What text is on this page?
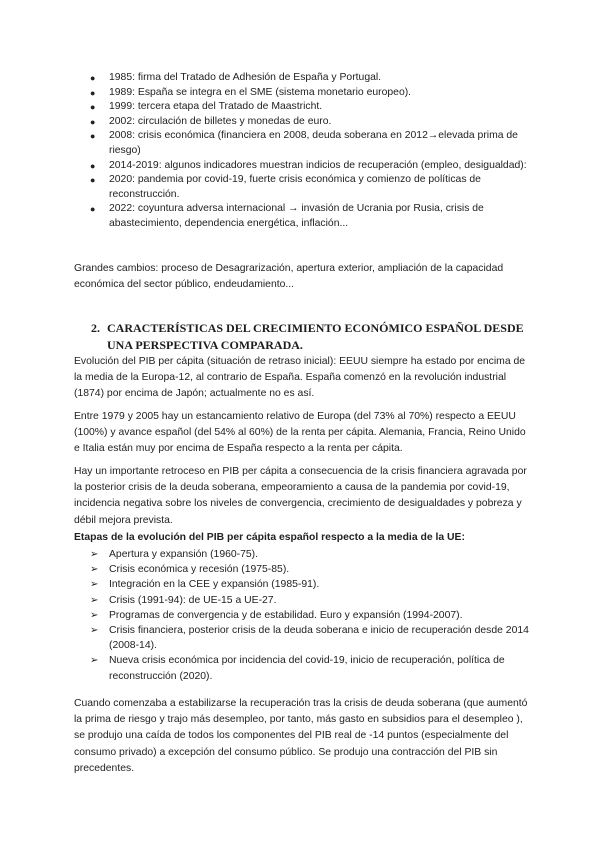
● 1985: firma del Tratado de Adhesión de España y Portugal.
● 1989: España se integra en el SME (sistema monetario europeo).
● 1999: tercera etapa del Tratado de Maastricht.
● 2002: circulación de billetes y monedas de euro.
● 2008: crisis económica (financiera en 2008, deuda soberana en 2012→elevada prima de riesgo)
● 2014-2019: algunos indicadores muestran indicios de recuperación (empleo, desigualdad):
● 2020: pandemia por covid-19, fuerte crisis económica y comienzo de políticas de reconstrucción.
● 2022: coyuntura adversa internacional → invasión de Ucrania por Rusia, crisis de abastecimiento, dependencia energética, inflación...

Grandes cambios: proceso de Desagrarización, apertura exterior, ampliación de la capacidad económica del sector público, endeudamiento...

2. CARACTERÍSTICAS DEL CRECIMIENTO ECONÓMICO ESPAÑOL DESDE
UNA PERSPECTIVA COMPARADA.

Evolución del PIB per cápita (situación de retraso inicial): EEUU siempre ha estado por encima de la media de la Europa-12, al contrario de España. España comenzó en la revolución industrial (1874) por encima de Japón; actualmente no es así.

Entre 1979 y 2005 hay un estancamiento relativo de Europa (del 73% al 70%) respecto a EEUU (100%) y avance español (del 54% al 60%) de la renta per cápita. Alemania, Francia, Reino Unido e Italia están muy por encima de España respecto a la renta per cápita.

Hay un importante retroceso en PIB per cápita a consecuencia de la crisis financiera agravada por la posterior crisis de la deuda soberana, empeoramiento a causa de la pandemia por covid-19, incidencia negativa sobre los niveles de convergencia, crecimiento de desigualdades y pobreza y débil mejora prevista.

Etapas de la evolución del PIB per cápita español respecto a la media de la UE:

➢ Apertura y expansión (1960-75).
➢ Crisis económica y recesión (1975-85).
➢ Integración en la CEE y expansión (1985-91).
➢ Crisis (1991-94): de UE-15 a UE-27.
➢ Programas de convergencia y de estabilidad. Euro y expansión (1994-2007).
➢ Crisis financiera, posterior crisis de la deuda soberana e inicio de recuperación desde 2014 (2008-14).
➢ Nueva crisis económica por incidencia del covid-19, inicio de recuperación, política de reconstrucción (2020).

Cuando comenzaba a estabilizarse la recuperación tras la crisis de deuda soberana (que aumentó la prima de riesgo y trajo más desempleo, por tanto, más gasto en subsidios para el desempleo ), se produjo una caída de todos los componentes del PIB real de -14 puntos (especialmente del consumo privado) a excepción del consumo público. Se produjo una contracción del PIB sin precedentes.
